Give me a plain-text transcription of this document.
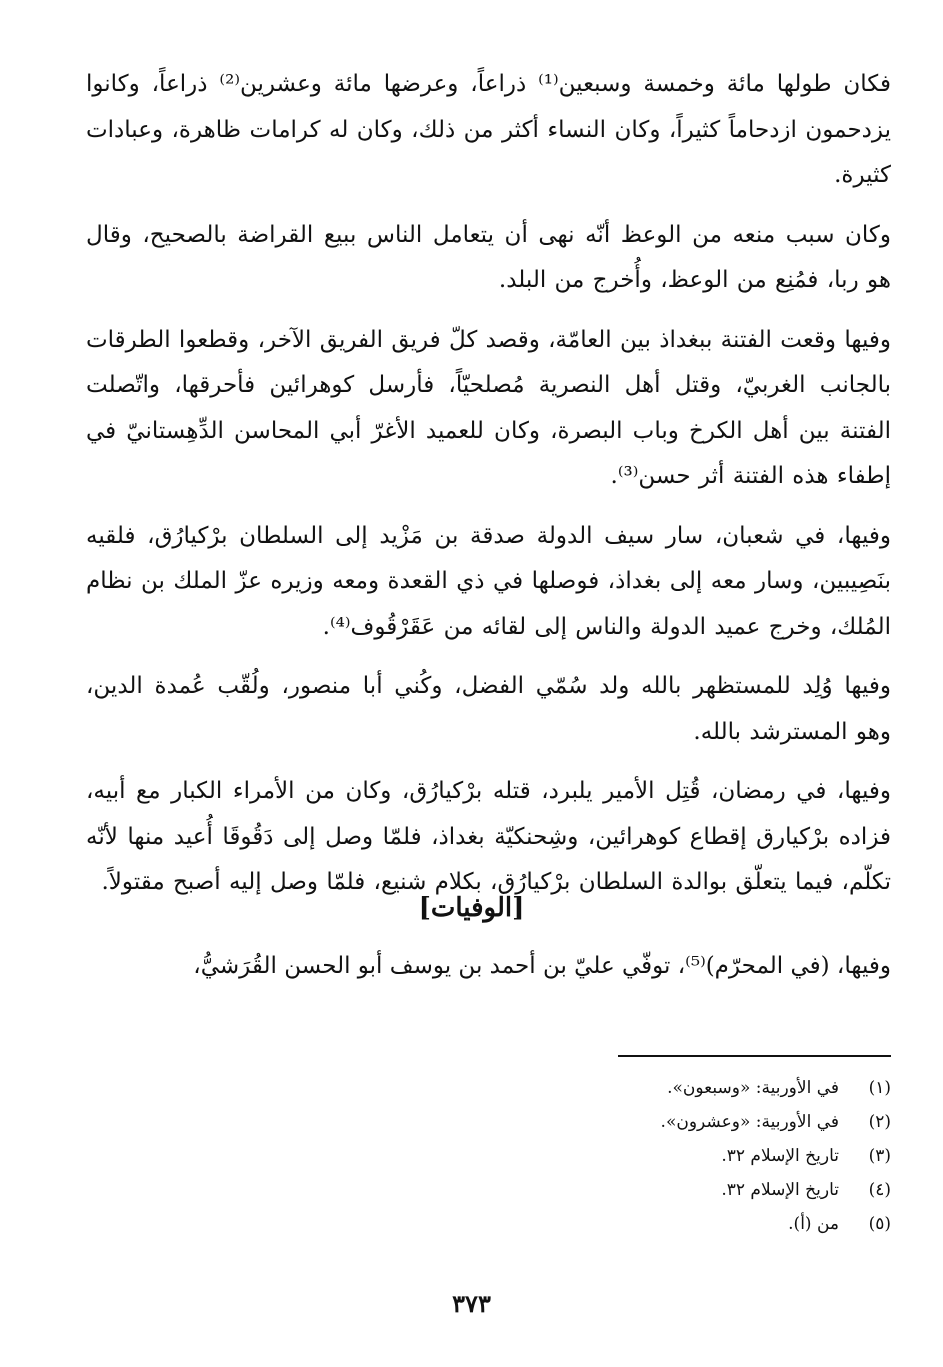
فكان طولها مائة وخمسة وسبعين⁽¹⁾ ذراعاً، وعرضها مائة وعشرين⁽²⁾ ذراعاً، وكانوا يزدحمون ازدحاماً كثيراً، وكان النساء أكثر من ذلك، وكان له كرامات ظاهرة، وعبادات كثيرة.

وكان سبب منعه من الوعظ أنّه نهى أن يتعامل الناس ببيع القراضة بالصحيح، وقال هو ربا، فمُنِع من الوعظ، وأُخرج من البلد.

وفيها وقعت الفتنة ببغداذ بين العامّة، وقصد كلّ فريق الفريق الآخر، وقطعوا الطرقات بالجانب الغربيّ، وقتل أهل النصرية مُصلحيّاً، فأرسل كوهرائين فأحرقها، واتّصلت الفتنة بين أهل الكرخ وباب البصرة، وكان للعميد الأغرّ أبي المحاسن الدِّهِستانيّ في إطفاء هذه الفتنة أثر حسن⁽³⁾.

وفيها، في شعبان، سار سيف الدولة صدقة بن مَزْيد إلى السلطان برْكيارُق، فلقيه بنَصِيبين، وسار معه إلى بغداذ، فوصلها في ذي القعدة ومعه وزيره عزّ الملك بن نظام المُلك، وخرج عميد الدولة والناس إلى لقائه من عَقَرْقُوف⁽⁴⁾.

وفيها وُلِد للمستظهر بالله ولد سُمّي الفضل، وكُني أبا منصور، ولُقّب عُمدة الدين، وهو المسترشد بالله.

وفيها، في رمضان، قُتِل الأمير يلبرد، قتله برْكيارُق، وكان من الأمراء الكبار مع أبيه، فزاده برْكيارق إقطاع كوهرائين، وشِحنكيّة بغداذ، فلمّا وصل إلى دَقُوقَا أُعيد منها لأنّه تكلّم، فيما يتعلّق بوالدة السلطان برْكيارُق، بكلام شنيع، فلمّا وصل إليه أصبح مقتولاً.

[الوفيات]

وفيها، (في المحرّم)⁽⁵⁾، توفّي عليّ بن أحمد بن يوسف أبو الحسن القُرَشيُّ،

(١)
في الأوربية: «وسبعون».
(٢)
في الأوربية: «وعشرون».
(٣)
تاريخ الإسلام ٣٢.
(٤)
تاريخ الإسلام ٣٢.
(٥)
من (أ).
٣٧٣
